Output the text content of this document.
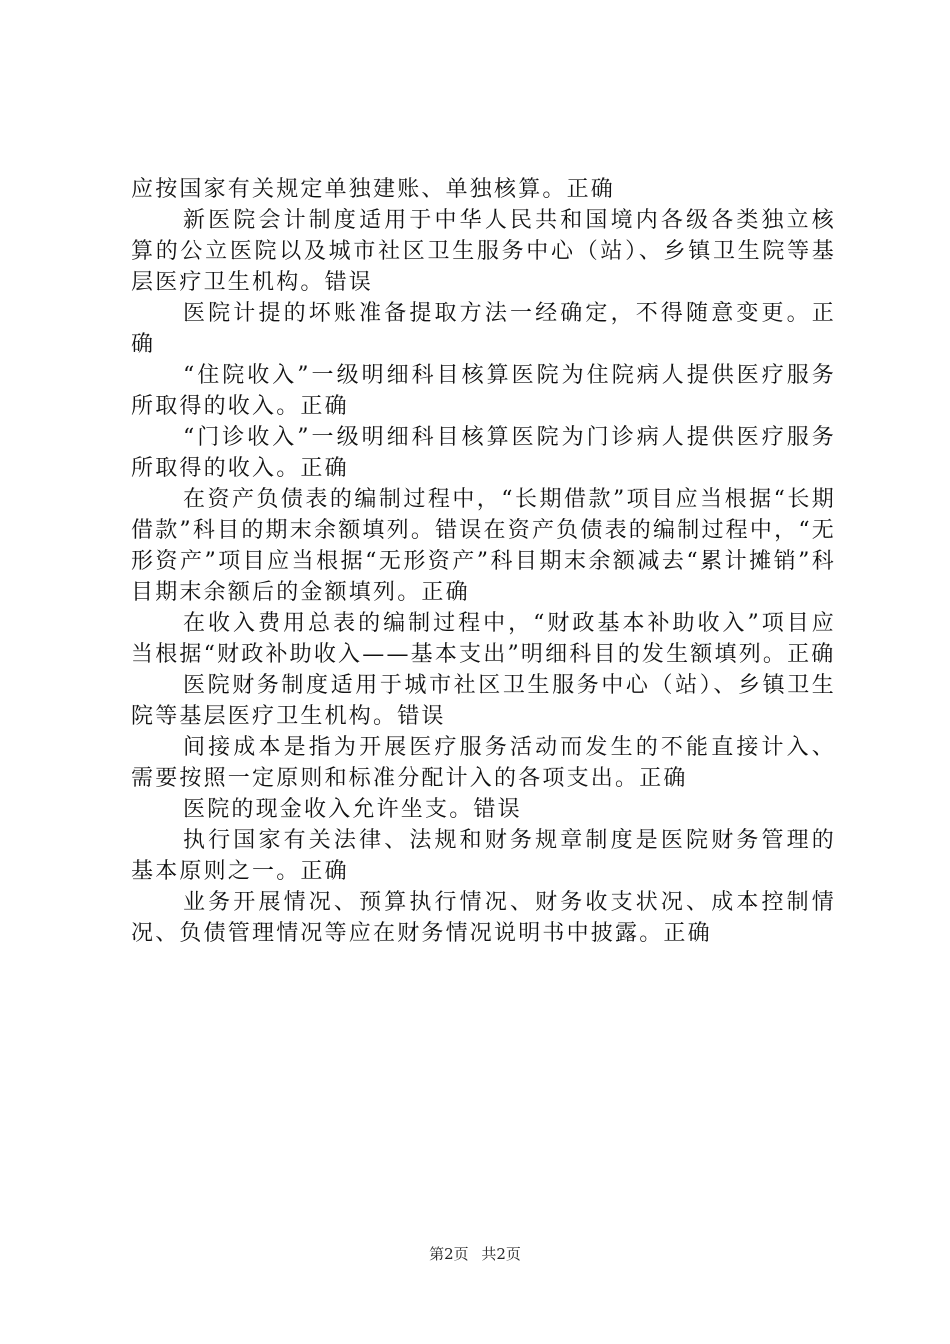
应按国家有关规定单独建账、单独核算。正确

新医院会计制度适用于中华人民共和国境内各级各类独立核算的公立医院以及城市社区卫生服务中心（站）、乡镇卫生院等基层医疗卫生机构。错误

医院计提的坏账准备提取方法一经确定，不得随意变更。正确

“住院收入”一级明细科目核算医院为住院病人提供医疗服务所取得的收入。正确

“门诊收入”一级明细科目核算医院为门诊病人提供医疗服务所取得的收入。正确

在资产负债表的编制过程中，“长期借款”项目应当根据“长期借款”科目的期末余额填列。错误在资产负债表的编制过程中，“无形资产”项目应当根据“无形资产”科目期末余额减去“累计摊销”科目期末余额后的金额填列。正确

在收入费用总表的编制过程中，“财政基本补助收入”项目应当根据“财政补助收入——基本支出”明细科目的发生额填列。正确

医院财务制度适用于城市社区卫生服务中心（站）、乡镇卫生院等基层医疗卫生机构。错误

间接成本是指为开展医疗服务活动而发生的不能直接计入、需要按照一定原则和标准分配计入的各项支出。正确

医院的现金收入允许坐支。错误

执行国家有关法律、法规和财务规章制度是医院财务管理的基本原则之一。正确

业务开展情况、预算执行情况、财务收支状况、成本控制情况、负债管理情况等应在财务情况说明书中披露。正确

第2页 共2页
